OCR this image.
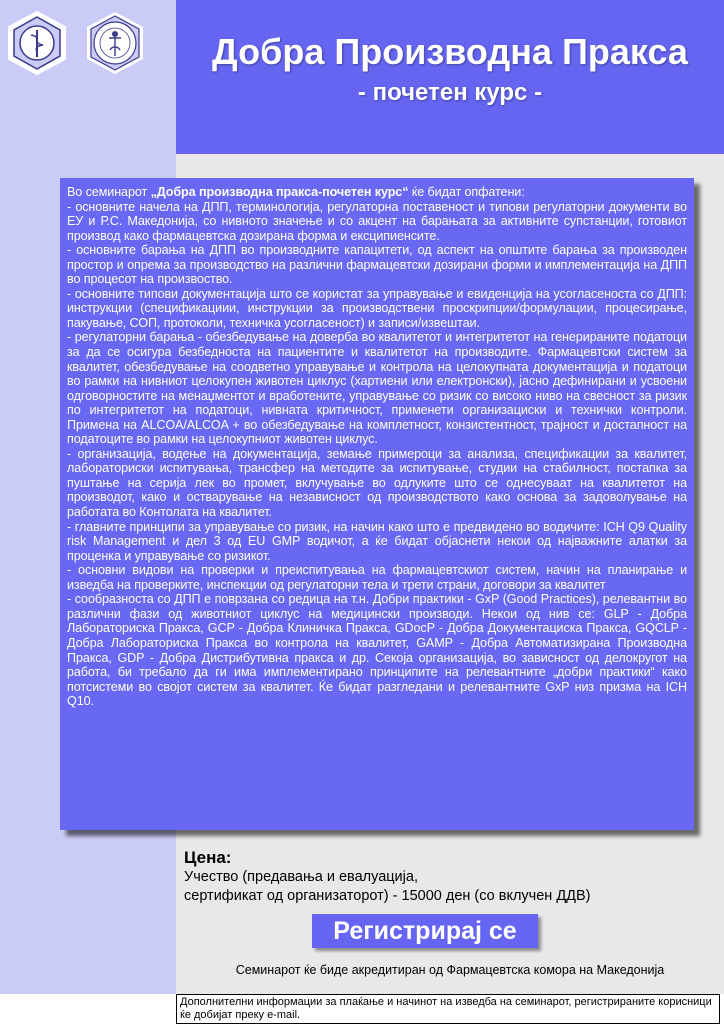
Добра Производна Пракса
- почетен курс -

Во семинарот „Добра производна пракса-почетен курс“ ќе бидат опфатени:

- основните начела на ДПП, терминологија, регулаторна поставеност и типови регулаторни документи во ЕУ и Р.С. Македонија, со нивното значење и со акцент на барањата за активните супстанции, готовиот производ како фармацевтска дозирана форма и ексципиенсите.

- основните барања на ДПП во производните капацитети, од аспект на општите барања за производен простор и опрема за производство на различни фармацевтски дозирани форми и имплементација на ДПП во процесот на произвоство.

- основните типови документација што се користат за управување и евиденција на усогласеноста со ДПП: инструкции (спецификациии, инструкции за производствени проскрипции/формулации, процесирање, пакување, СОП, протоколи, техничка усогласеност) и записи/извештаи.

- регулаторни барања - обезбедување на доверба во квалитетот и интегритетот на генерираните податоци за да се осигура безбедноста на пациентите и квалитетот на производите. Фармацевтски систем за квалитет, обезбедување на соодветно управување и контрола на целокупната документација и податоци во рамки на нивниот целокупен животен циклус (хартиени или електронски), јасно дефинирани и усвоени одговорностите на менаџментот и вработените, управување со ризик со високо ниво на свесност за ризик по интегритетот на податоци, нивната критичност, применети организациски и технички контроли. Примена на ALCOA/ALCOA + во обезбедување на комплетност, конзистентност, трајност и достапност на податоците во рамки на целокупниот животен циклус.

- организација, водење на документација, земање примероци за анализа, спецификации за квалитет, лабораториски испитувања, трансфер на методите за испитување, студии на стабилност, постапка за пуштање на серија лек во промет, вклучување во одлуките што се однесуваат на квалитетот на производот, како и остварување на независност од производството како основа за задоволување на работата во Контолата на квалитет.

- главните принципи за управување со ризик, на начин како што е предвидено во водичите: ICH Q9 Quality risk Management и дел 3 од EU GMP водичот, а ќе бидат објаснети некои од најважните алатки за проценка и управување со ризикот.

- основни видови на проверки и преиспитувања на фармацевтскиот систем, начин на планирање и изведба на проверките, инспекции од регулаторни тела и трети страни, договори за квалитет

- сообразноста со ДПП е поврзана со редица на т.н. Добри практики - GxP (Good Practices), релевантни во различни фази од животниот циклус на медицински производи. Некои од нив се: GLP - Добра Лабораториска Пракса, GCP - Добра Клиничка Пракса, GDocP - Добра Документациска Пракса, GQCLP - Добра Лабораториска Пракса во контрола на квалитет, GAMP - Добра Автоматизирана Производна Пракса, GDP - Добра Дистрибутивна пракса и др. Секоја организација, во зависност од делокругот на работа, би требало да ги има имплементирано принципите на релевантните „добри практики“ како потсистеми во својот систем за квалитет. Ќе бидат разгледани и релевантните GxP низ призма на ICH Q10.

Цена:
Учество (предавања и евалуација,
сертификат од организаторот) - 15000 ден (со вклучен ДДВ)
Регистрирај се
Семинарот ќе биде акредитиран од Фармацевтска комора на Македонија
Дополнителни информации за плаќање и начинот на изведба на семинарот, регистрираните корисници ќе добијат преку e-mail.
